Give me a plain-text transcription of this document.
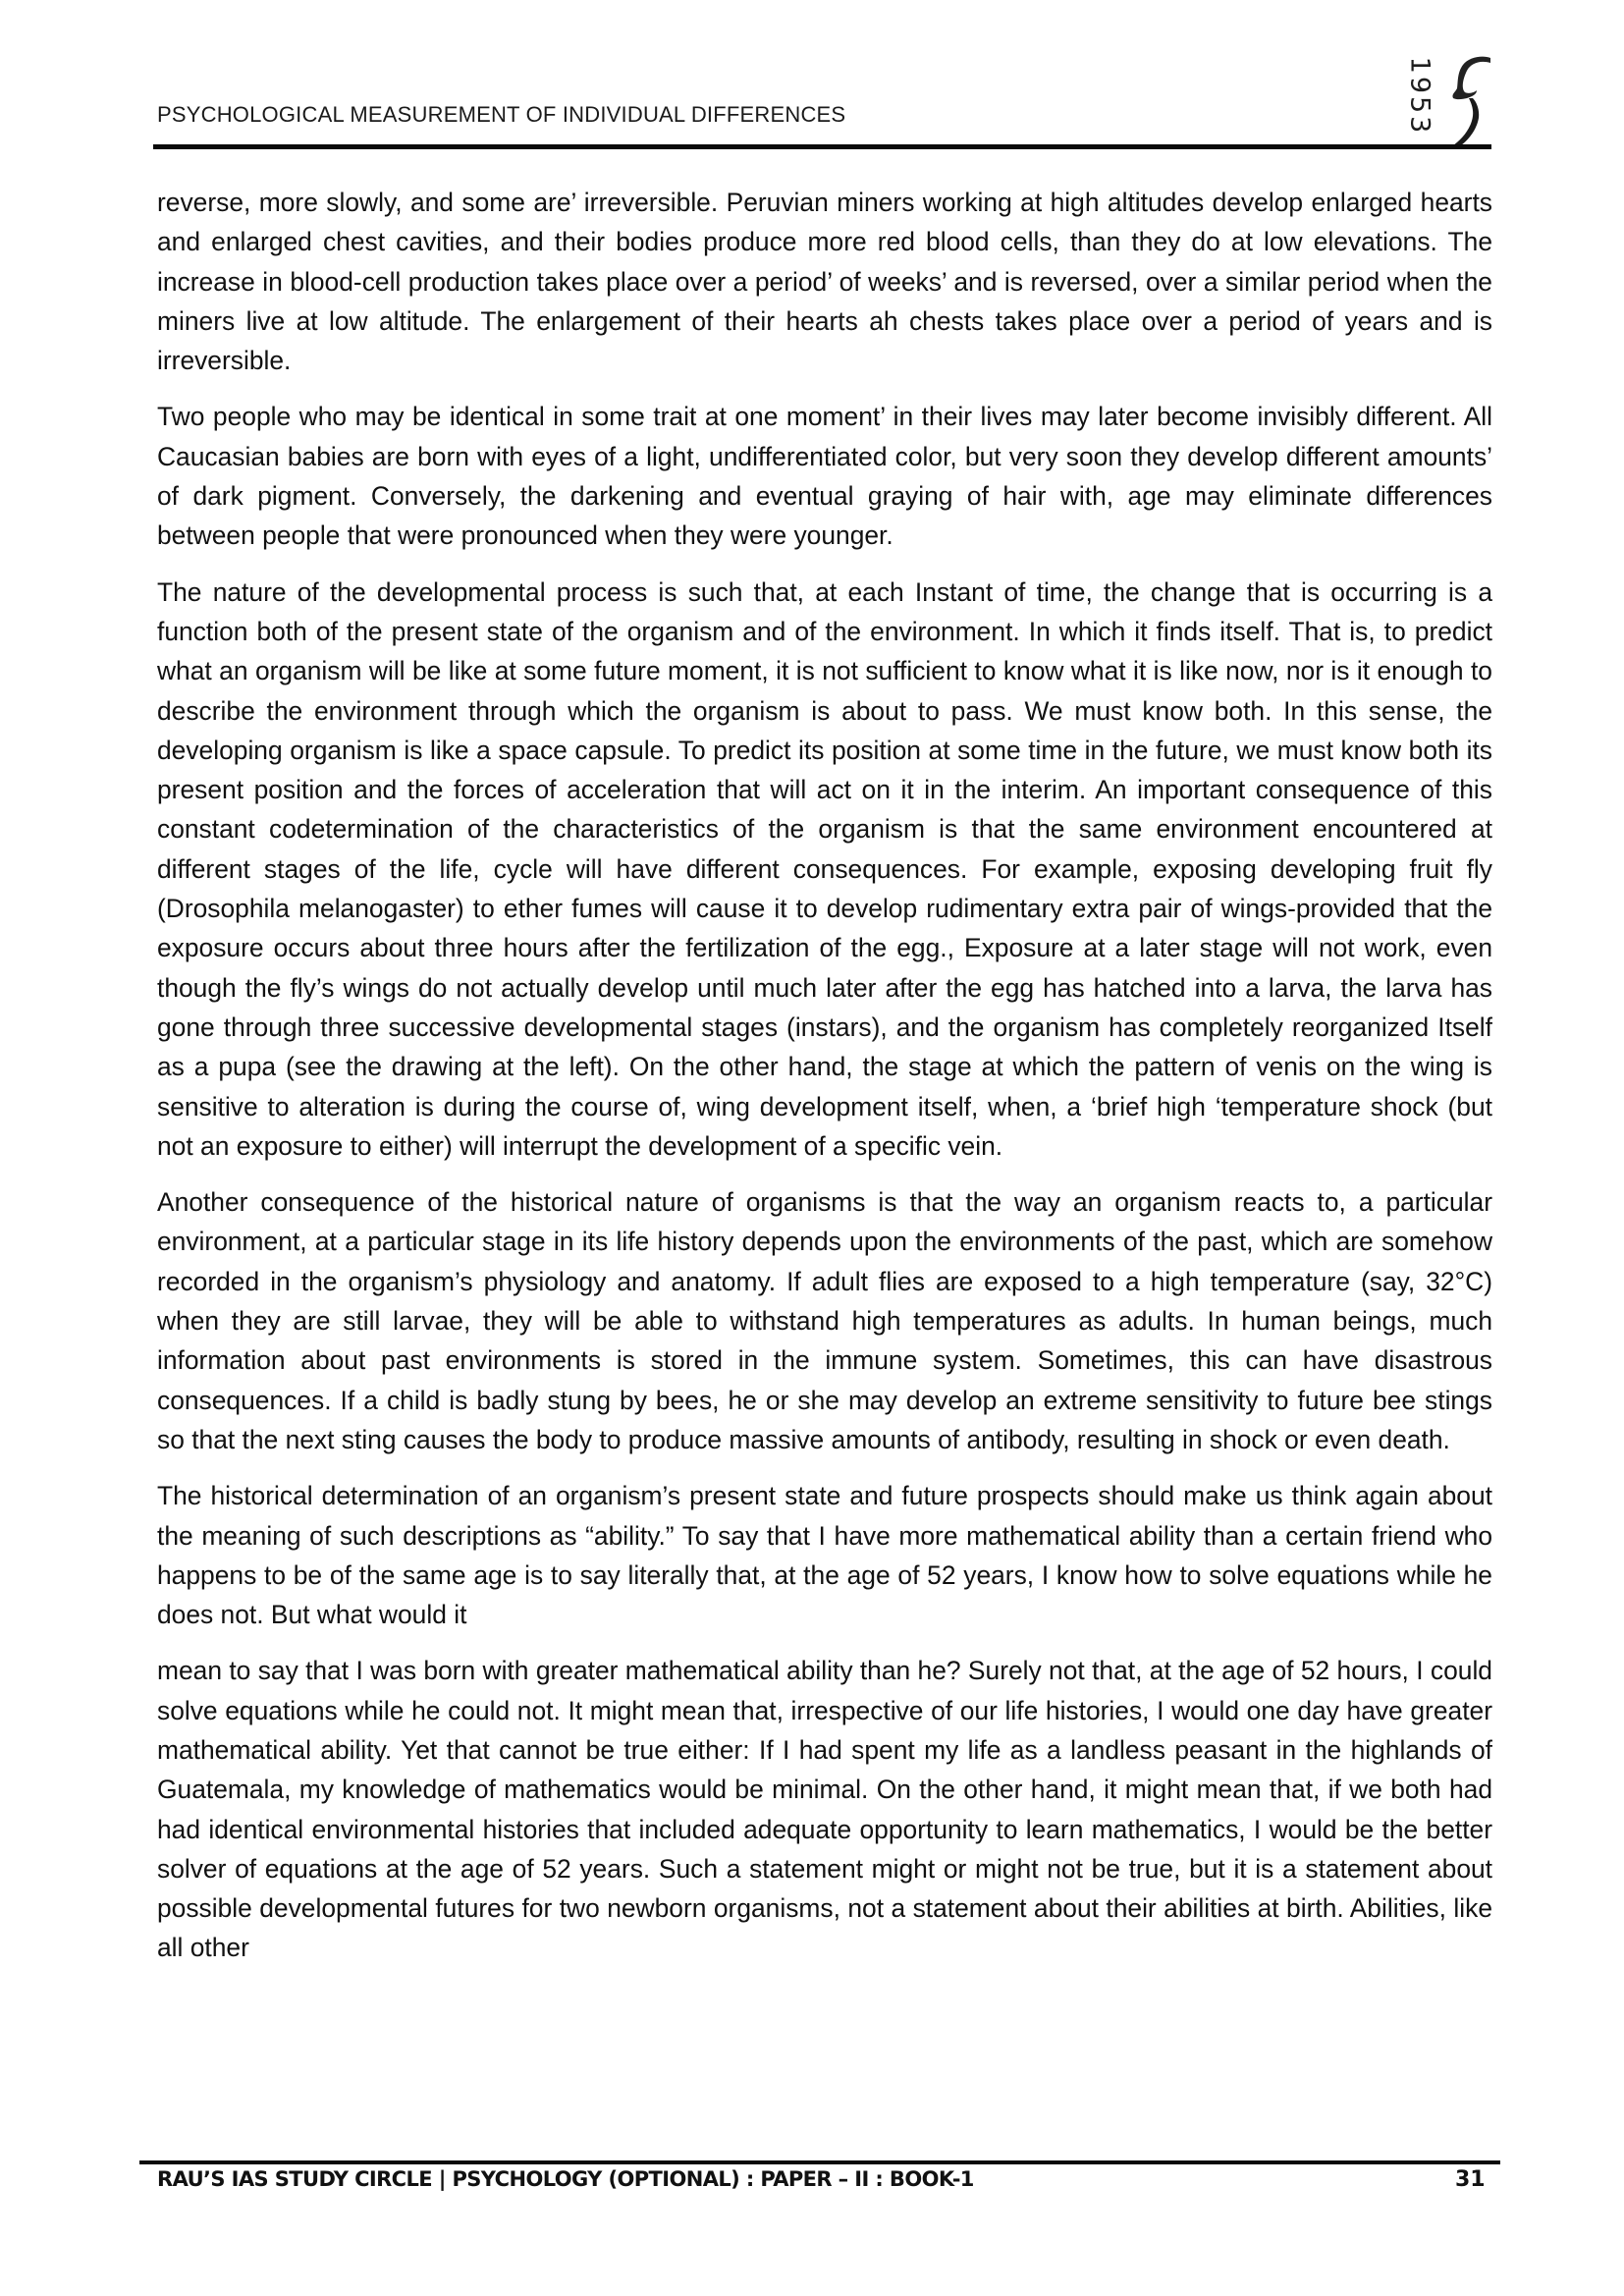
PSYCHOLOGICAL MEASUREMENT OF INDIVIDUAL DIFFERENCES	1953

reverse, more slowly, and some are’ irreversible. Peruvian miners working at high altitudes develop enlarged hearts and enlarged chest cavities, and their bodies produce more red blood cells, than they do at low elevations. The increase in blood-cell production takes place over a period’ of weeks’ and is reversed, over a similar period when the miners live at low altitude. The enlargement of their hearts ah chests takes place over a period of years and is irreversible.

Two people who may be identical in some trait at one moment’ in their lives may later become invisibly different. All Caucasian babies are born with eyes of a light, undifferentiated color, but very soon they develop different amounts’ of dark pigment. Conversely, the darkening and eventual graying of hair with, age may eliminate differences between people that were pronounced when they were younger.

The nature of the developmental process is such that, at each Instant of time, the change that is occurring is a function both of the present state of the organism and of the environment. In which it finds itself. That is, to predict what an organism will be like at some future moment, it is not sufficient to know what it is like now, nor is it enough to describe the environment through which the organism is about to pass. We must know both. In this sense, the developing organism is like a space capsule. To predict its position at some time in the future, we must know both its present position and the forces of acceleration that will act on it in the interim. An important consequence of this constant codetermination of the characteristics of the organism is that the same environment encountered at different stages of the life, cycle will have different consequences. For example, exposing developing fruit fly (Drosophila melanogaster) to ether fumes will cause it to develop rudimentary extra pair of wings-provided that the exposure occurs about three hours after the fertilization of the egg., Exposure at a later stage will not work, even though the fly’s wings do not actually develop until much later after the egg has hatched into a larva, the larva has gone through three successive developmental stages (instars), and the organism has completely reorganized Itself as a pupa (see the drawing at the left). On the other hand, the stage at which the pattern of venis on the wing is sensitive to alteration is during the course of, wing development itself, when, a ‘brief high ‘temperature shock (but not an exposure to either) will interrupt the development of a specific vein.

Another consequence of the historical nature of organisms is that the way an organism reacts to, a particular environment, at a particular stage in its life history depends upon the environments of the past, which are somehow recorded in the organism’s physiology and anatomy. If adult flies are exposed to a high temperature (say, 32°C) when they are still larvae, they will be able to withstand high temperatures as adults. In human beings, much information about past environments is stored in the immune system. Sometimes, this can have disastrous consequences. If a child is badly stung by bees, he or she may develop an extreme sensitivity to future bee stings so that the next sting causes the body to produce massive amounts of antibody, resulting in shock or even death.

The historical determination of an organism’s present state and future prospects should make us think again about the meaning of such descriptions as “ability.” To say that I have more mathematical ability than a certain friend who happens to be of the same age is to say literally that, at the age of 52 years, I know how to solve equations while he does not. But what would it

mean to say that I was born with greater mathematical ability than he? Surely not that, at the age of 52 hours, I could solve equations while he could not. It might mean that, irrespective of our life histories, I would one day have greater mathematical ability. Yet that cannot be true either: If I had spent my life as a landless peasant in the highlands of Guatemala, my knowledge of mathematics would be minimal. On the other hand, it might mean that, if we both had had identical environmental histories that included adequate opportunity to learn mathematics, I would be the better solver of equations at the age of 52 years. Such a statement might or might not be true, but it is a statement about possible developmental futures for two newborn organisms, not a statement about their abilities at birth. Abilities, like all other

RAU’S IAS STUDY CIRCLE | PSYCHOLOGY (OPTIONAL) : PAPER – II : BOOK-1	31
